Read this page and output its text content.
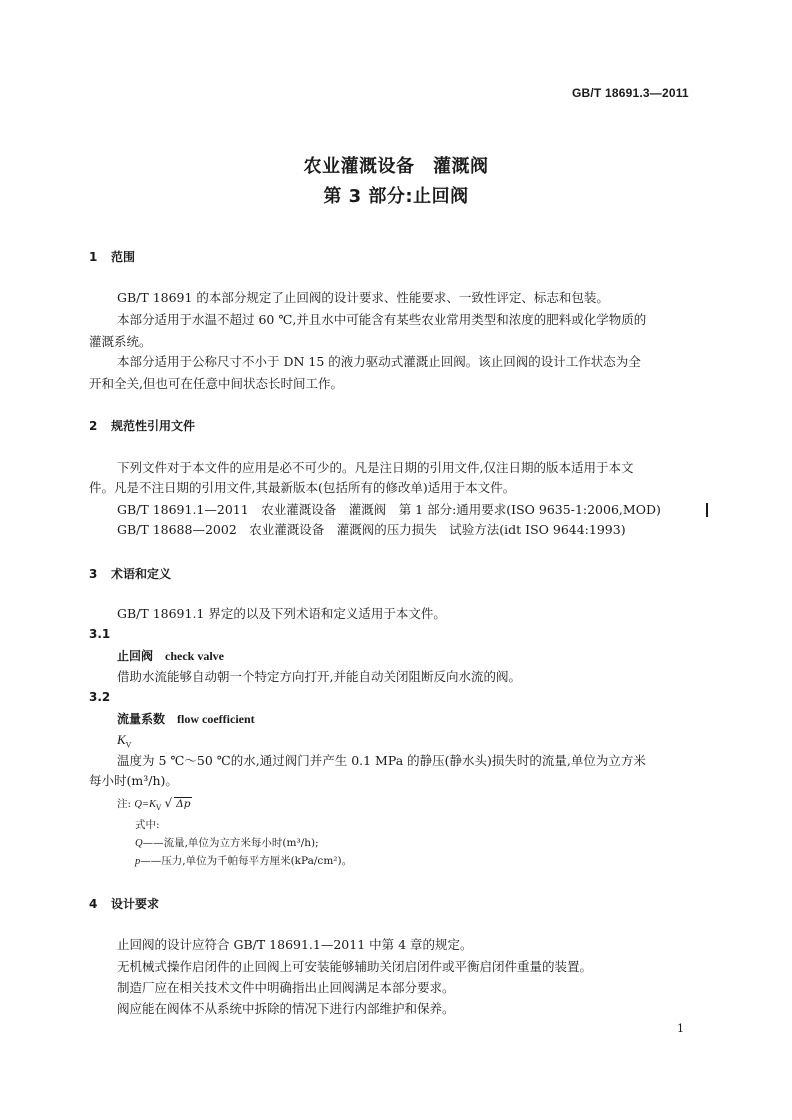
GB/T 18691.3—2011
农业灌溉设备　灌溉阀
第 3 部分:止回阀
1 范围
GB/T 18691 的本部分规定了止回阀的设计要求、性能要求、一致性评定、标志和包装。
本部分适用于水温不超过 60 ℃,并且水中可能含有某些农业常用类型和浓度的肥料或化学物质的
灌溉系统。
本部分适用于公称尺寸不小于 DN 15 的液力驱动式灌溉止回阀。该止回阀的设计工作状态为全
开和全关,但也可在任意中间状态长时间工作。
2 规范性引用文件
下列文件对于本文件的应用是必不可少的。凡是注日期的引用文件,仅注日期的版本适用于本文
件。凡是不注日期的引用文件,其最新版本(包括所有的修改单)适用于本文件。
GB/T 18691.1—2011　农业灌溉设备　灌溉阀　第 1 部分:通用要求(ISO 9635-1:2006,MOD)
GB/T 18688—2002　农业灌溉设备　灌溉阀的压力损失　试验方法(idt ISO 9644:1993)
3 术语和定义
GB/T 18691.1 界定的以及下列术语和定义适用于本文件。
3.1
止回阀 check valve
借助水流能够自动朝一个特定方向打开,并能自动关闭阻断反向水流的阀。
3.2
流量系数 flow coefficient
$K_V$
温度为 5 ℃～50 ℃的水,通过阀门并产生 0.1 MPa 的静压(静水头)损失时的流量,单位为立方米
每小时(m³/h)。
注: $Q=K_V$ √ Δp
式中:
Q——流量,单位为立方米每小时(m³/h);
p——压力,单位为千帕每平方厘米(kPa/cm²)。
4 设计要求
止回阀的设计应符合 GB/T 18691.1—2011 中第 4 章的规定。
无机械式操作启闭件的止回阀上可安装能够辅助关闭启闭件或平衡启闭件重量的装置。
制造厂应在相关技术文件中明确指出止回阀满足本部分要求。
阀应能在阀体不从系统中拆除的情况下进行内部维护和保养。
1
